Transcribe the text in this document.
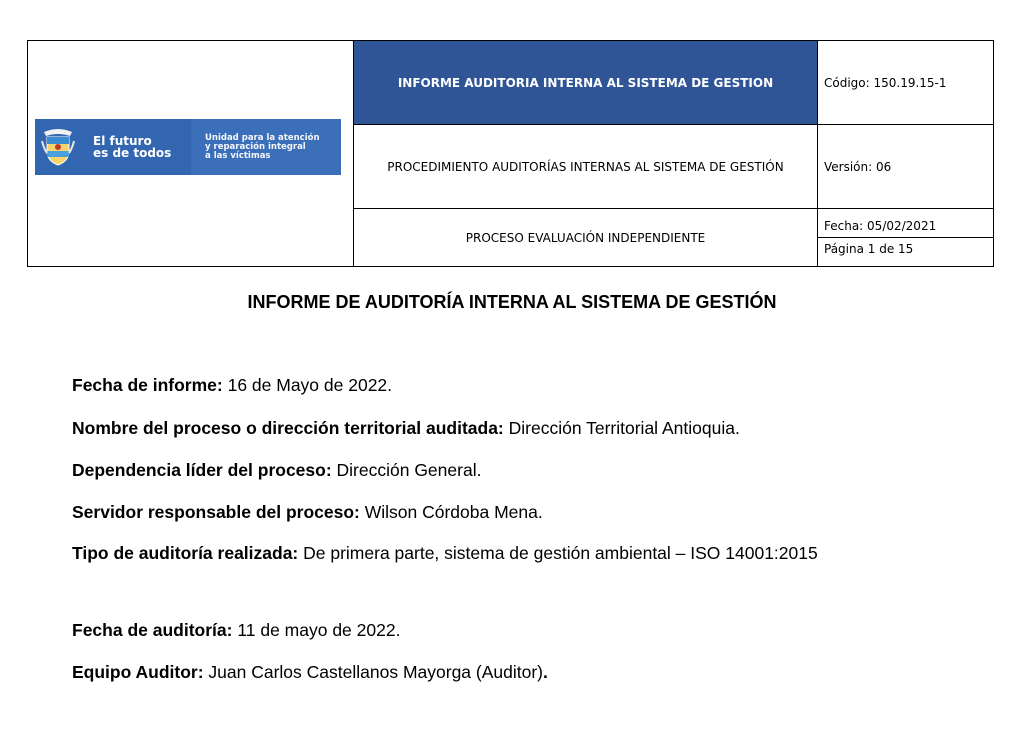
El futuro
es de todos
Unidad para la atención
y reparación integral
a las víctimas	INFORME AUDITORIA INTERNA AL SISTEMA DE GESTION	Código: 150.19.15-1
	PROCEDIMIENTO AUDITORÍAS INTERNAS AL SISTEMA DE GESTIÓN	Versión: 06
	PROCESO EVALUACIÓN INDEPENDIENTE	Fecha: 05/02/2021
Página 1 de 15
INFORME DE AUDITORÍA INTERNA AL SISTEMA DE GESTIÓN

Fecha de informe: 16 de Mayo de 2022.

Nombre del proceso o dirección territorial auditada: Dirección Territorial Antioquia.

Dependencia líder del proceso: Dirección General.

Servidor responsable del proceso: Wilson Córdoba Mena.

Tipo de auditoría realizada: De primera parte, sistema de gestión ambiental – ISO 14001:2015

Fecha de auditoría: 11 de mayo de 2022.

Equipo Auditor: Juan Carlos Castellanos Mayorga (Auditor).
